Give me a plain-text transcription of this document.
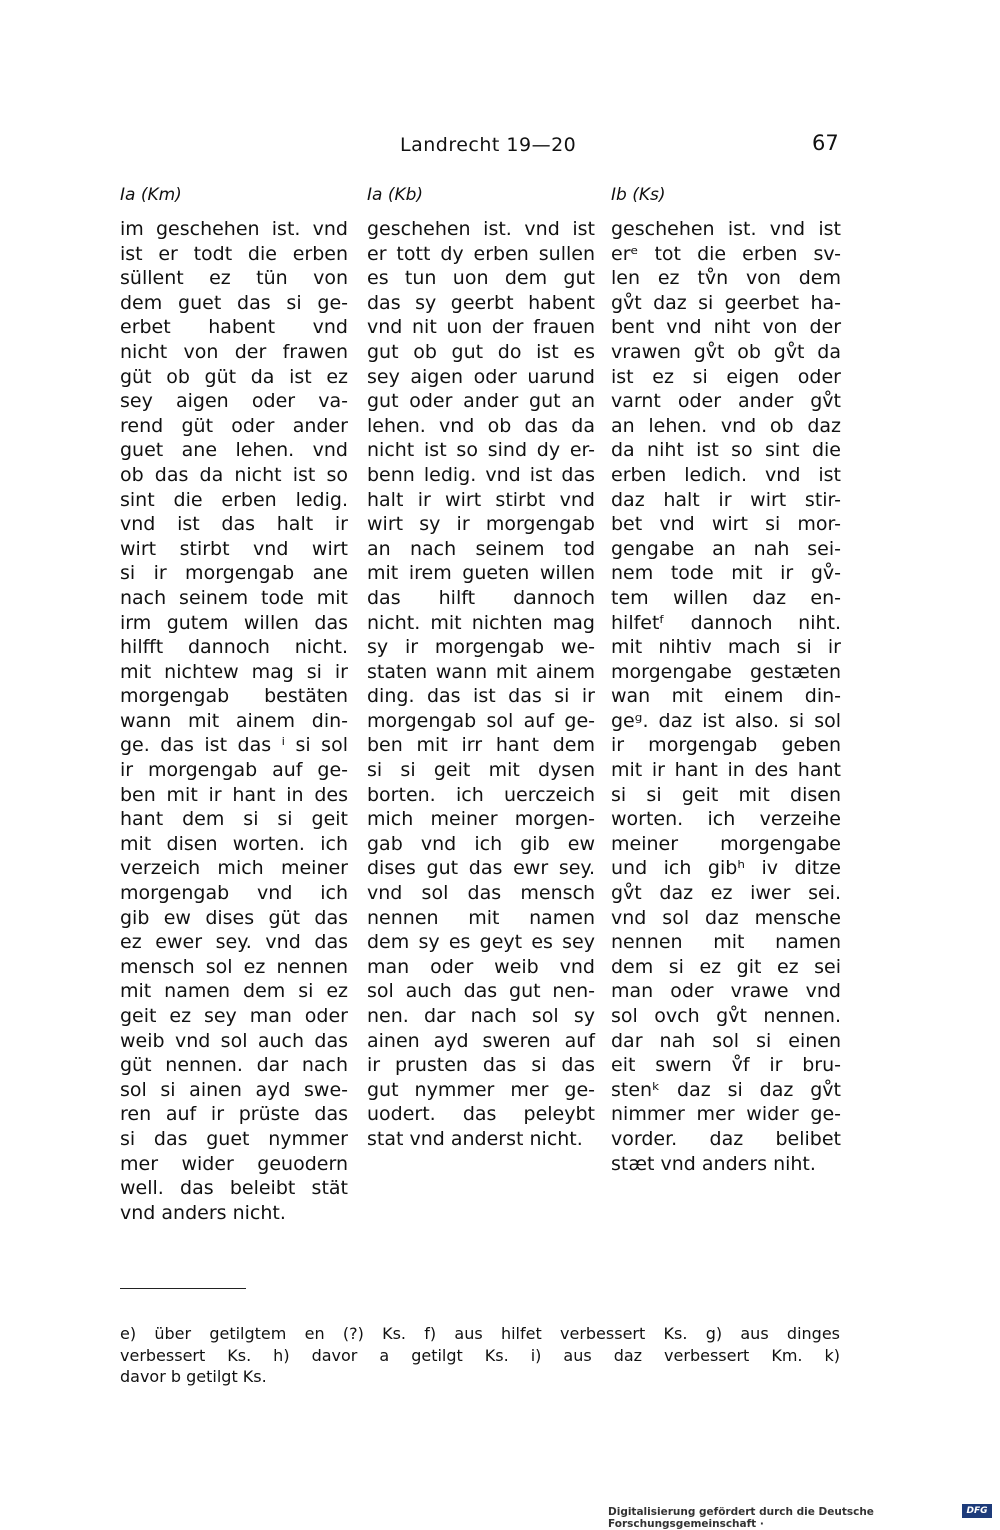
Landrecht 19—20	67
Ia (Km)
im geschehen ist. vnd
ist er todt die erben
süllent ez tün von
dem guet das si ge-
erbet habent vnd
nicht von der frawen
güt ob güt da ist ez
sey aigen oder va-
rend güt oder ander
guet ane lehen. vnd
ob das da nicht ist so
sint die erben ledig.
vnd ist das halt ir
wirt stirbt vnd wirt
si ir morgengab ane
nach seinem tode mit
irm gutem willen das
hilfft dannoch nicht.
mit nichtew mag si ir
morgengab bestäten
wann mit ainem din-
ge. das ist das ⁱ si sol
ir morgengab auf ge-
ben mit ir hant in des
hant dem si si geit
mit disen worten. ich
verzeich mich meiner
morgengab vnd ich
gib ew dises güt das
ez ewer sey. vnd das
mensch sol ez nennen
mit namen dem si ez
geit ez sey man oder
weib vnd sol auch das
güt nennen. dar nach
sol si ainen ayd swe-
ren auf ir prüste das
si das guet nymmer
mer wider geuodern
well. das beleibt stät
vnd anders nicht.
Ia (Kb)
geschehen ist. vnd ist
er tott dy erben sullen
es tun uon dem gut
das sy geerbt habent
vnd nit uon der frauen
gut ob gut do ist es
sey aigen oder uarund
gut oder ander gut an
lehen. vnd ob das da
nicht ist so sind dy er-
benn ledig. vnd ist das
halt ir wirt stirbt vnd
wirt sy ir morgengab
an nach seinem tod
mit irem gueten willen
das hilft dannoch
nicht. mit nichten mag
sy ir morgengab we-
staten wann mit ainem
ding. das ist das si ir
morgengab sol auf ge-
ben mit irr hant dem
si si geit mit dysen
borten. ich uerczeich
mich meiner morgen-
gab vnd ich gib ew
dises gut das ewr sey.
vnd sol das mensch
nennen mit namen
dem sy es geyt es sey
man oder weib vnd
sol auch das gut nen-
nen. dar nach sol sy
ainen ayd sweren auf
ir prusten das si das
gut nymmer mer ge-
uodert. das peleybt
stat vnd anderst nicht.
Ib (Ks)
geschehen ist. vnd ist
erᵉ tot die erben sv-
len ez tv̊n von dem
gv̊t daz si geerbet ha-
bent vnd niht von der
vrawen gv̊t ob gv̊t da
ist ez si eigen oder
varnt oder ander gv̊t
an lehen. vnd ob daz
da niht ist so sint die
erben ledich. vnd ist
daz halt ir wirt stir-
bet vnd wirt si mor-
gengabe an nah sei-
nem tode mit ir gv̊-
tem willen daz en-
hilfetᶠ dannoch niht.
mit nihtiv mach si ir
morgengabe gestæten
wan mit einem din-
geᵍ. daz ist also. si sol
ir morgengab geben
mit ir hant in des hant
si si geit mit disen
worten. ich verzeihe
meiner morgengabe
und ich gibʰ iv ditze
gv̊t daz ez iwer sei.
vnd sol daz mensche
nennen mit namen
dem si ez git ez sei
man oder vrawe vnd
sol ovch gv̊t nennen.
dar nah sol si einen
eit swern v̊f ir bru-
stenᵏ daz si daz gv̊t
nimmer mer wider ge-
vorder. daz belibet
stæt vnd anders niht.
e) über getilgtem en (?) Ks. f) aus hilfet verbessert Ks. g) aus dinges
verbessert Ks. h) davor a getilgt Ks. i) aus daz verbessert Km. k)
davor b getilgt Ks.
Digitalisierung gefördert durch die Deutsche Forschungsgemeinschaft ·
DFG
